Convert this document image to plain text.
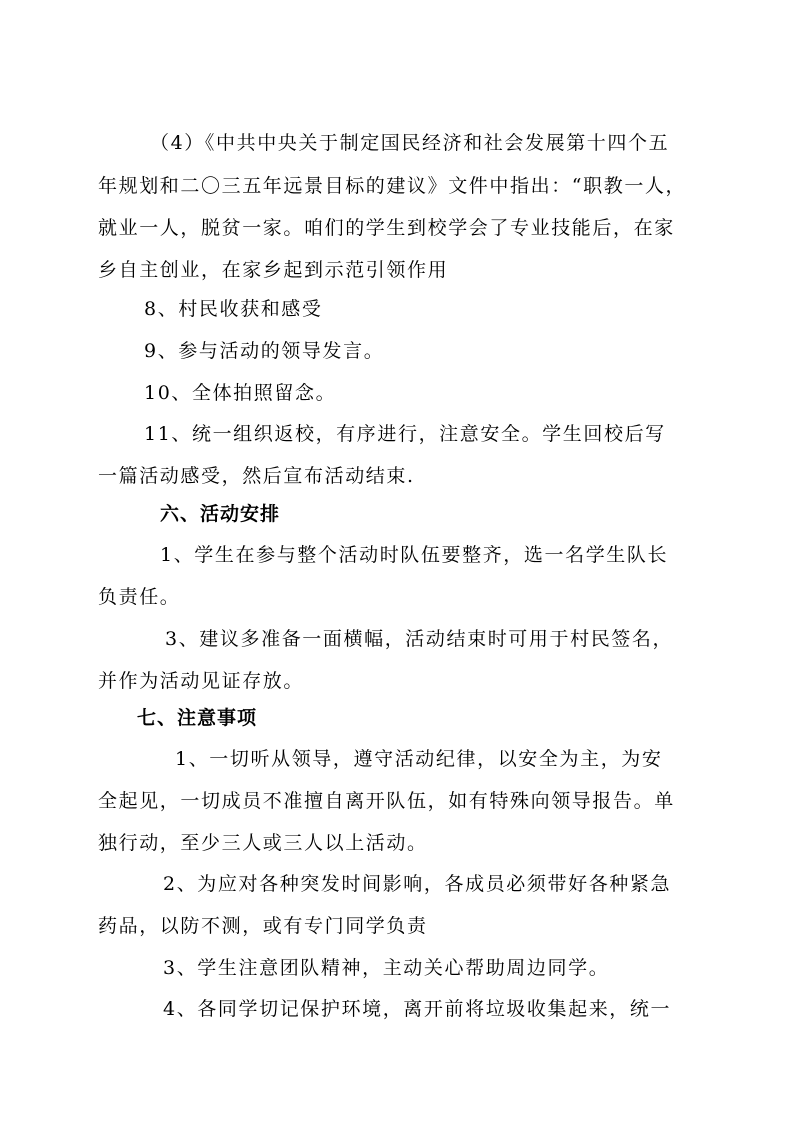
（4）《中共中央关于制定国民经济和社会发展第十四个五
年规划和二〇三五年远景目标的建议》文件中指出：“职教一人，
就业一人，脱贫一家。咱们的学生到校学会了专业技能后，在家
乡自主创业，在家乡起到示范引领作用
8、村民收获和感受
9、参与活动的领导发言。
10、全体拍照留念。
11、统一组织返校，有序进行，注意安全。学生回校后写
一篇活动感受，然后宣布活动结束.
六、活动安排
1、学生在参与整个活动时队伍要整齐，选一名学生队长
负责任。
3、建议多准备一面横幅，活动结束时可用于村民签名，
并作为活动见证存放。
七、注意事项
1、一切听从领导，遵守活动纪律，以安全为主，为安
全起见，一切成员不准擅自离开队伍，如有特殊向领导报告。单
独行动，至少三人或三人以上活动。
2、为应对各种突发时间影响，各成员必须带好各种紧急
药品，以防不测，或有专门同学负责
3、学生注意团队精神，主动关心帮助周边同学。
4、各同学切记保护环境，离开前将垃圾收集起来，统一
